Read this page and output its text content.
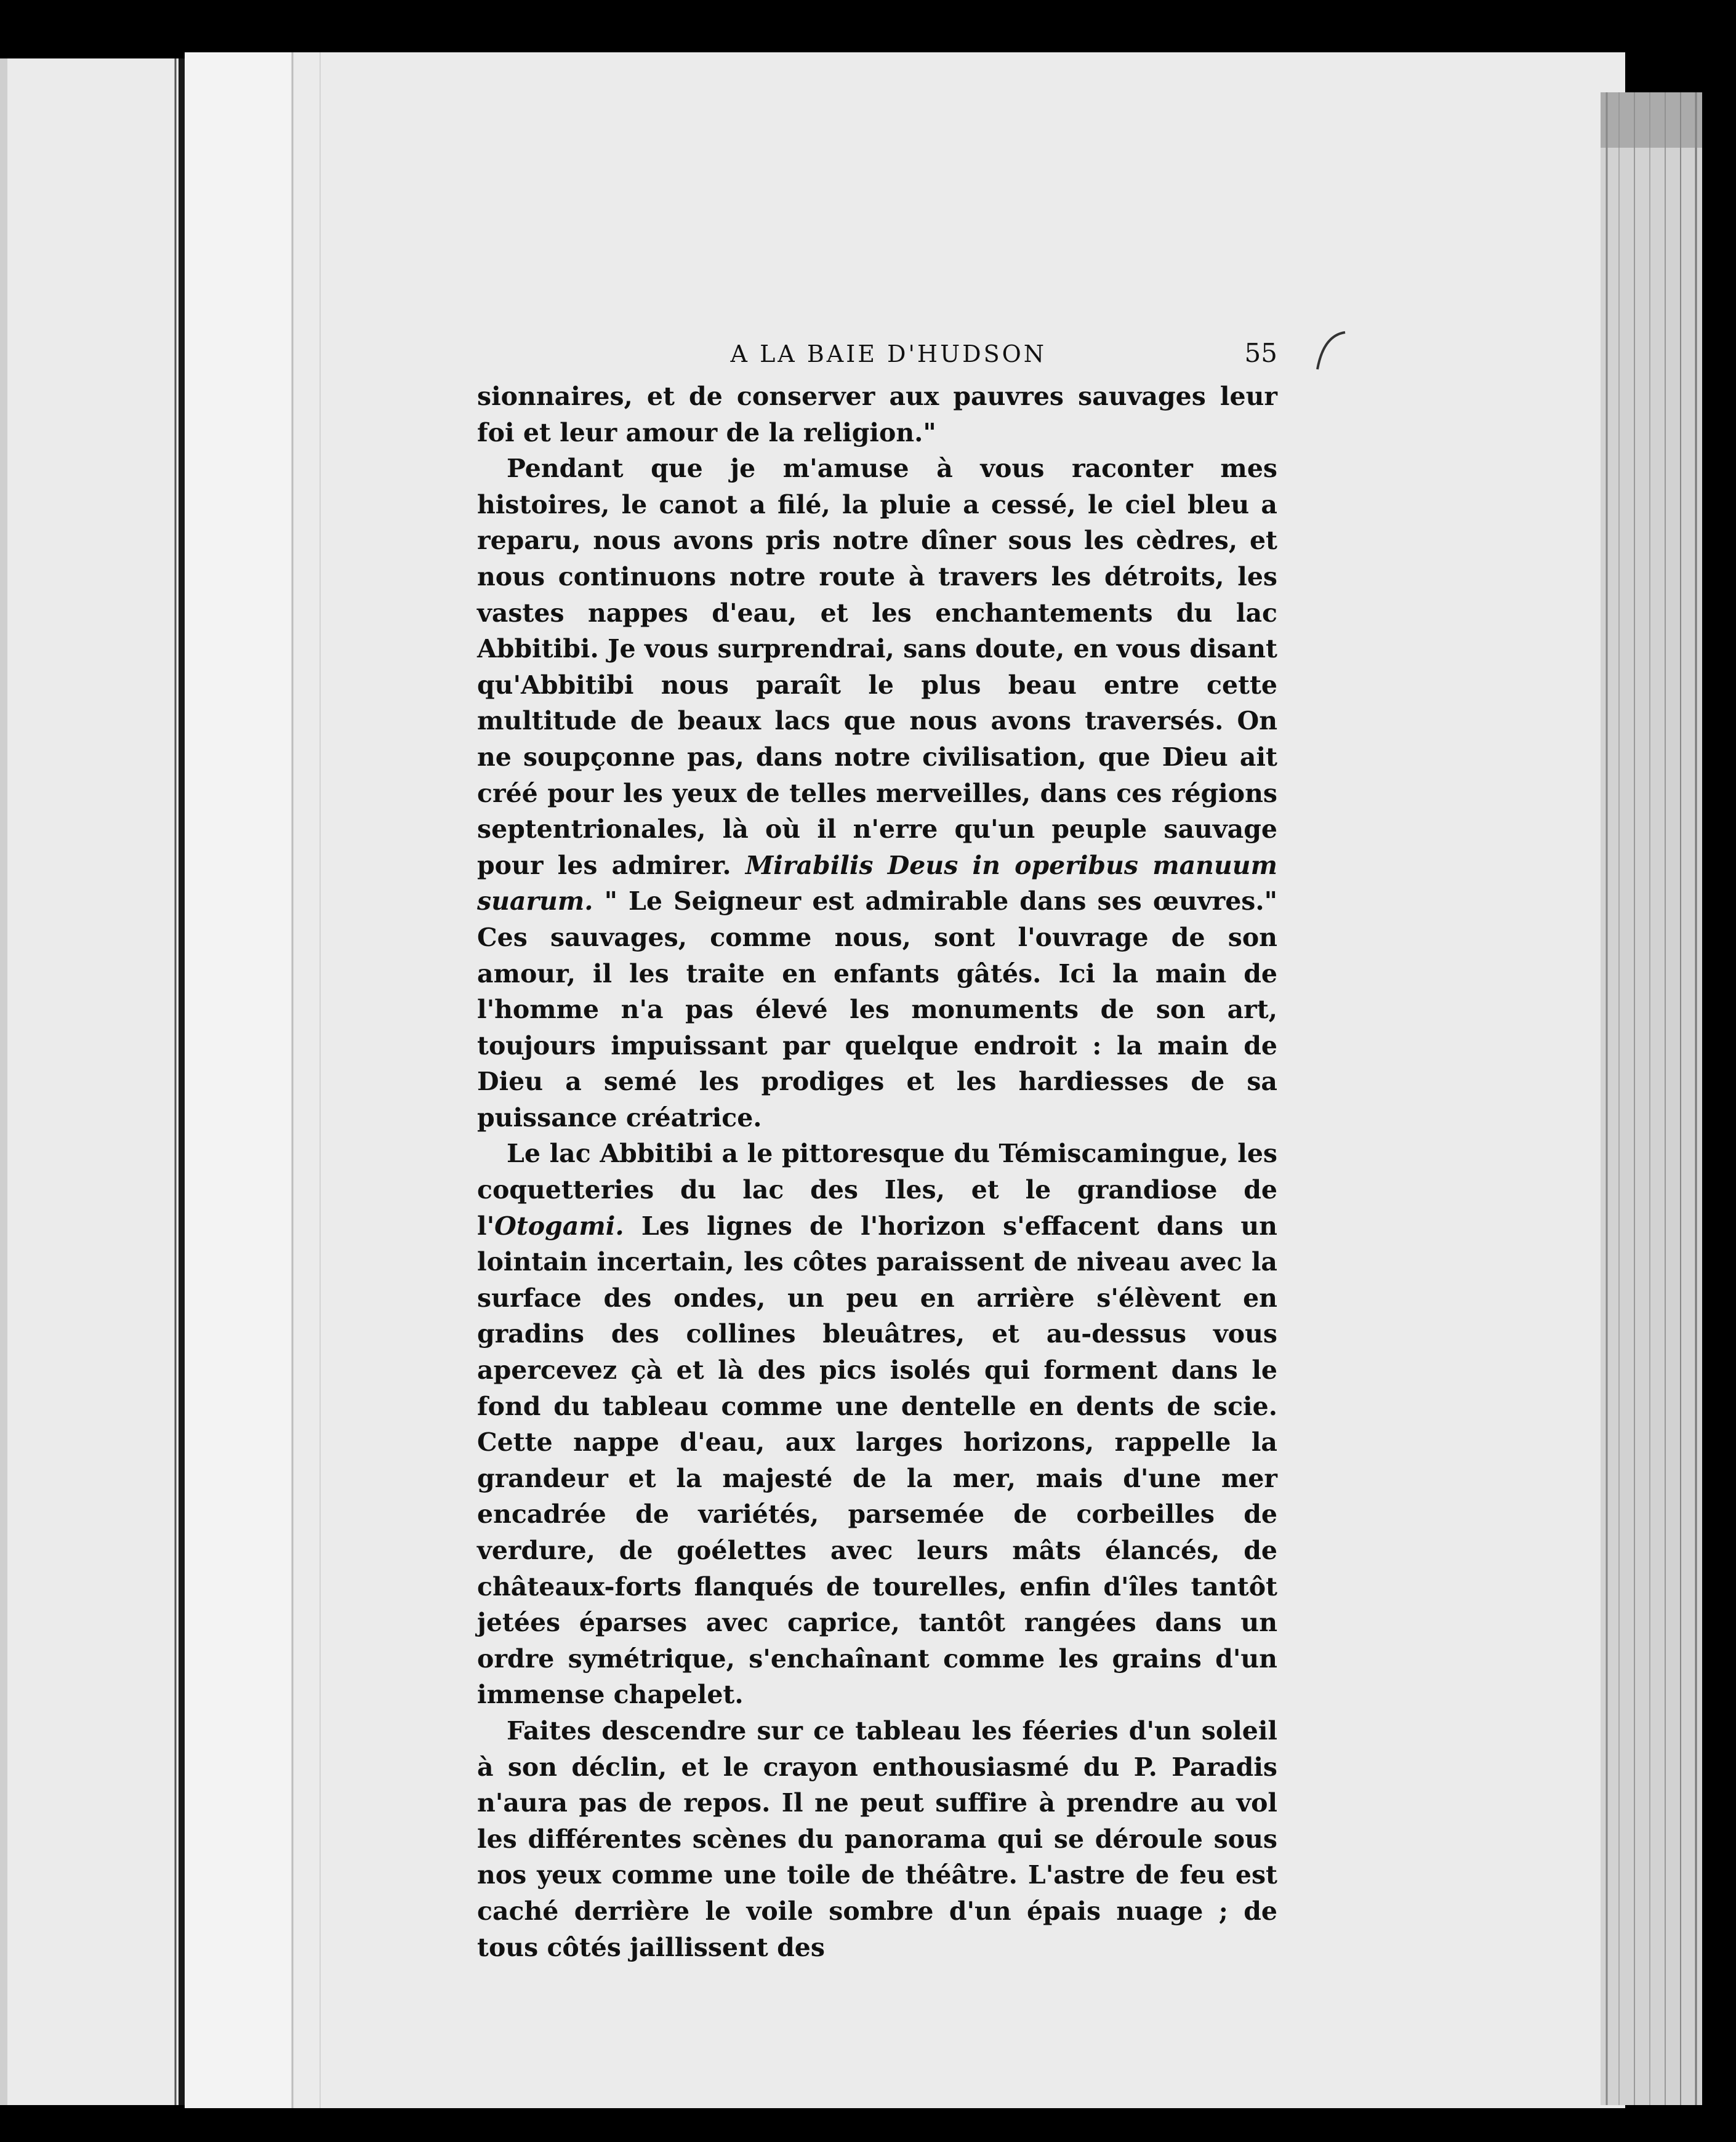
A LA BAIE D'HUDSON	55

sionnaires, et de conserver aux pauvres sauvages leur foi et leur amour de la religion."

Pendant que je m'amuse à vous raconter mes histoires, le canot a filé, la pluie a cessé, le ciel bleu a reparu, nous avons pris notre dîner sous les cèdres, et nous continuons notre route à travers les détroits, les vastes nappes d'eau, et les enchantements du lac Abbitibi. Je vous surprendrai, sans doute, en vous disant qu'Abbitibi nous paraît le plus beau entre cette multitude de beaux lacs que nous avons traversés. On ne soupçonne pas, dans notre civilisation, que Dieu ait créé pour les yeux de telles merveilles, dans ces régions septentrionales, là où il n'erre qu'un peuple sauvage pour les admirer. Mirabilis Deus in operibus manuum suarum. " Le Seigneur est admirable dans ses œuvres." Ces sauvages, comme nous, sont l'ouvrage de son amour, il les traite en enfants gâtés. Ici la main de l'homme n'a pas élevé les monuments de son art, toujours impuissant par quelque endroit : la main de Dieu a semé les prodiges et les hardiesses de sa puissance créatrice.

Le lac Abbitibi a le pittoresque du Témiscamingue, les coquetteries du lac des Iles, et le grandiose de l'Otogami. Les lignes de l'horizon s'effacent dans un lointain incertain, les côtes paraissent de niveau avec la surface des ondes, un peu en arrière s'élèvent en gradins des collines bleuâtres, et au-dessus vous apercevez çà et là des pics isolés qui forment dans le fond du tableau comme une dentelle en dents de scie. Cette nappe d'eau, aux larges horizons, rappelle la grandeur et la majesté de la mer, mais d'une mer encadrée de variétés, parsemée de corbeilles de verdure, de goélettes avec leurs mâts élancés, de châteaux-forts flanqués de tourelles, enfin d'îles tantôt jetées éparses avec caprice, tantôt rangées dans un ordre symétrique, s'enchaînant comme les grains d'un immense chapelet.

Faites descendre sur ce tableau les féeries d'un soleil à son déclin, et le crayon enthousiasmé du P. Paradis n'aura pas de repos. Il ne peut suffire à prendre au vol les différentes scènes du panorama qui se déroule sous nos yeux comme une toile de théâtre. L'astre de feu est caché derrière le voile sombre d'un épais nuage ; de tous côtés jaillissent des
